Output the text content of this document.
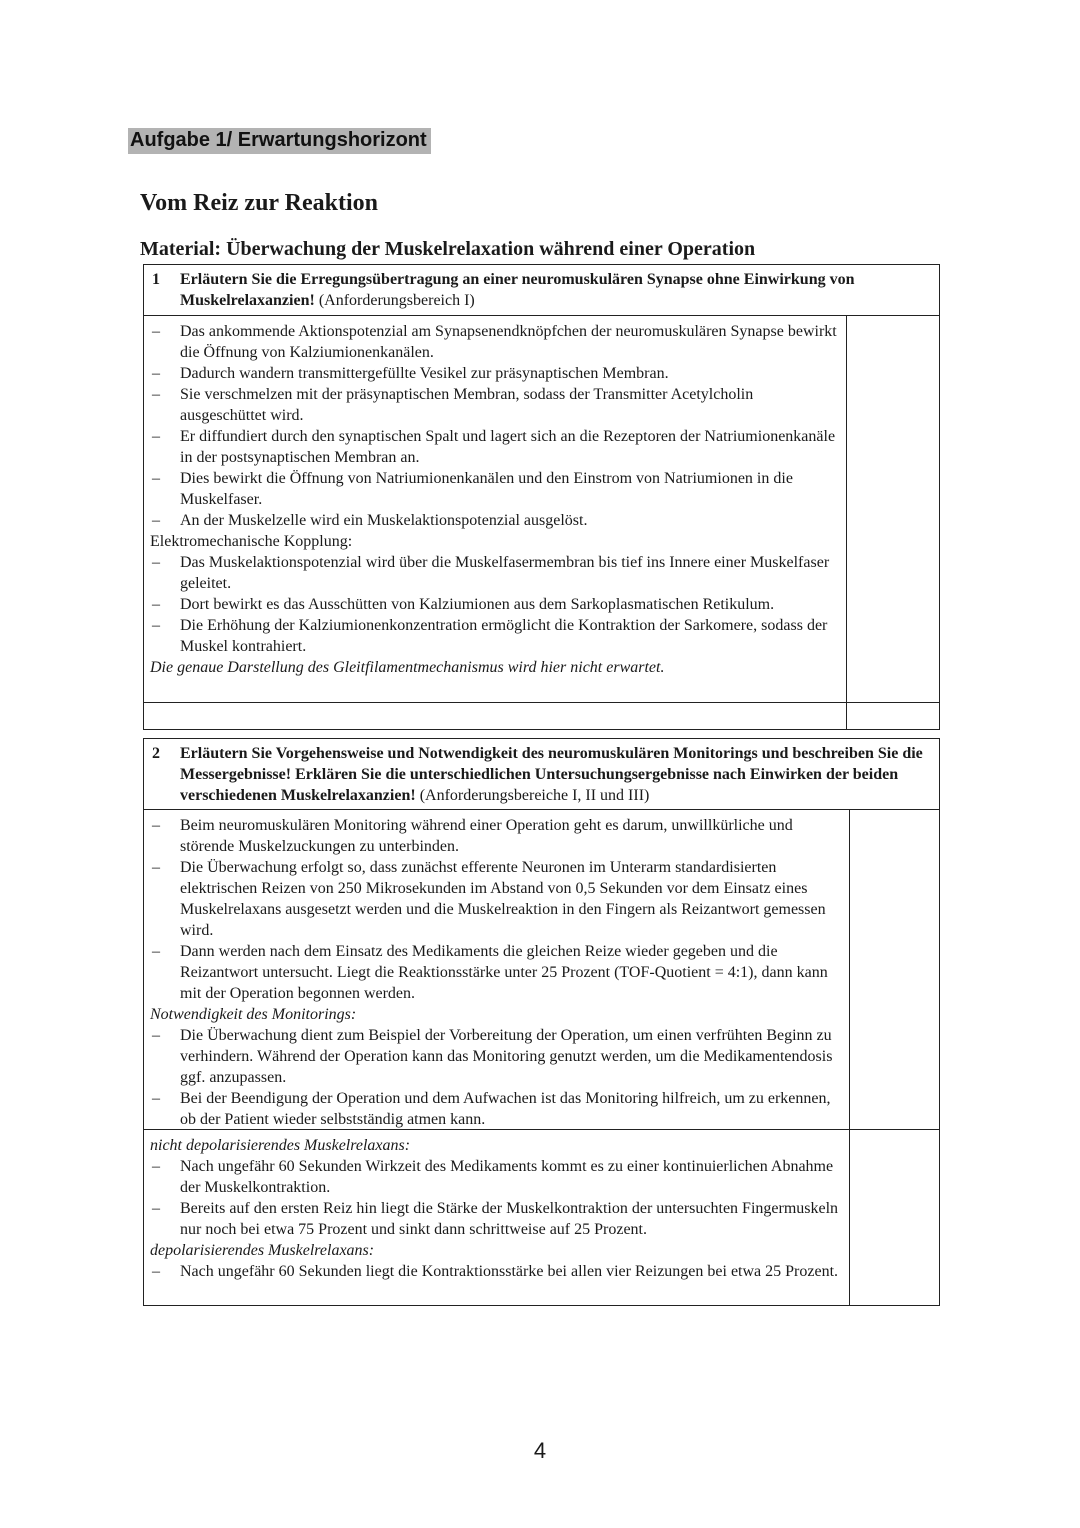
Aufgabe 1/ Erwartungshorizont
Vom Reiz zur Reaktion
Material: Überwachung der Muskelrelaxation während einer Operation
1 Erläutern Sie die Erregungsübertragung an einer neuromuskulären Synapse ohne Einwirkung von Muskelrelaxanzien! (Anforderungsbereich I)
– Das ankommende Aktionspotenzial am Synapsenendknöpfchen der neuromuskulären Synapse bewirkt die Öffnung von Kalziumionenkanälen.
– Dadurch wandern transmittergefüllte Vesikel zur präsynaptischen Membran.
– Sie verschmelzen mit der präsynaptischen Membran, sodass der Transmitter Acetylcholin ausgeschüttet wird.
– Er diffundiert durch den synaptischen Spalt und lagert sich an die Rezeptoren der Natriumionenkanäle in der postsynaptischen Membran an.
– Dies bewirkt die Öffnung von Natriumionenkanälen und den Einstrom von Natriumionen in die Muskelfaser.
– An der Muskelzelle wird ein Muskelaktionspotenzial ausgelöst.
Elektromechanische Kopplung:
– Das Muskelaktionspotenzial wird über die Muskelfasermembran bis tief ins Innere einer Muskelfaser geleitet.
– Dort bewirkt es das Ausschütten von Kalziumionen aus dem Sarkoplasmatischen Retikulum.
– Die Erhöhung der Kalziumionenkonzentration ermöglicht die Kontraktion der Sarkomere, sodass der Muskel kontrahiert.
Die genaue Darstellung des Gleitfilamentmechanismus wird hier nicht erwartet.
2 Erläutern Sie Vorgehensweise und Notwendigkeit des neuromuskulären Monitorings und beschreiben Sie die Messergebnisse! Erklären Sie die unterschiedlichen Untersuchungsergebnisse nach Einwirken der beiden verschiedenen Muskelrelaxanzien! (Anforderungsbereiche I, II und III)
– Beim neuromuskulären Monitoring während einer Operation geht es darum, unwillkürliche und störende Muskelzuckungen zu unterbinden.
– Die Überwachung erfolgt so, dass zunächst efferente Neuronen im Unterarm standardisierten elektrischen Reizen von 250 Mikrosekunden im Abstand von 0,5 Sekunden vor dem Einsatz eines Muskelrelaxans ausgesetzt werden und die Muskelreaktion in den Fingern als Reizantwort gemessen wird.
– Dann werden nach dem Einsatz des Medikaments die gleichen Reize wieder gegeben und die Reizantwort untersucht. Liegt die Reaktionsstärke unter 25 Prozent (TOF-Quotient = 4:1), dann kann mit der Operation begonnen werden.
Notwendigkeit des Monitorings:
– Die Überwachung dient zum Beispiel der Vorbereitung der Operation, um einen verfrühten Beginn zu verhindern. Während der Operation kann das Monitoring genutzt werden, um die Medikamentendosis ggf. anzupassen.
– Bei der Beendigung der Operation und dem Aufwachen ist das Monitoring hilfreich, um zu erkennen, ob der Patient wieder selbstständig atmen kann.
nicht depolarisierendes Muskelrelaxans:
– Nach ungefähr 60 Sekunden Wirkzeit des Medikaments kommt es zu einer kontinuierlichen Abnahme der Muskelkontraktion.
– Bereits auf den ersten Reiz hin liegt die Stärke der Muskelkontraktion der untersuchten Fingermuskeln nur noch bei etwa 75 Prozent und sinkt dann schrittweise auf 25 Prozent.
depolarisierendes Muskelrelaxans:
– Nach ungefähr 60 Sekunden liegt die Kontraktionsstärke bei allen vier Reizungen bei etwa 25 Prozent.
4
